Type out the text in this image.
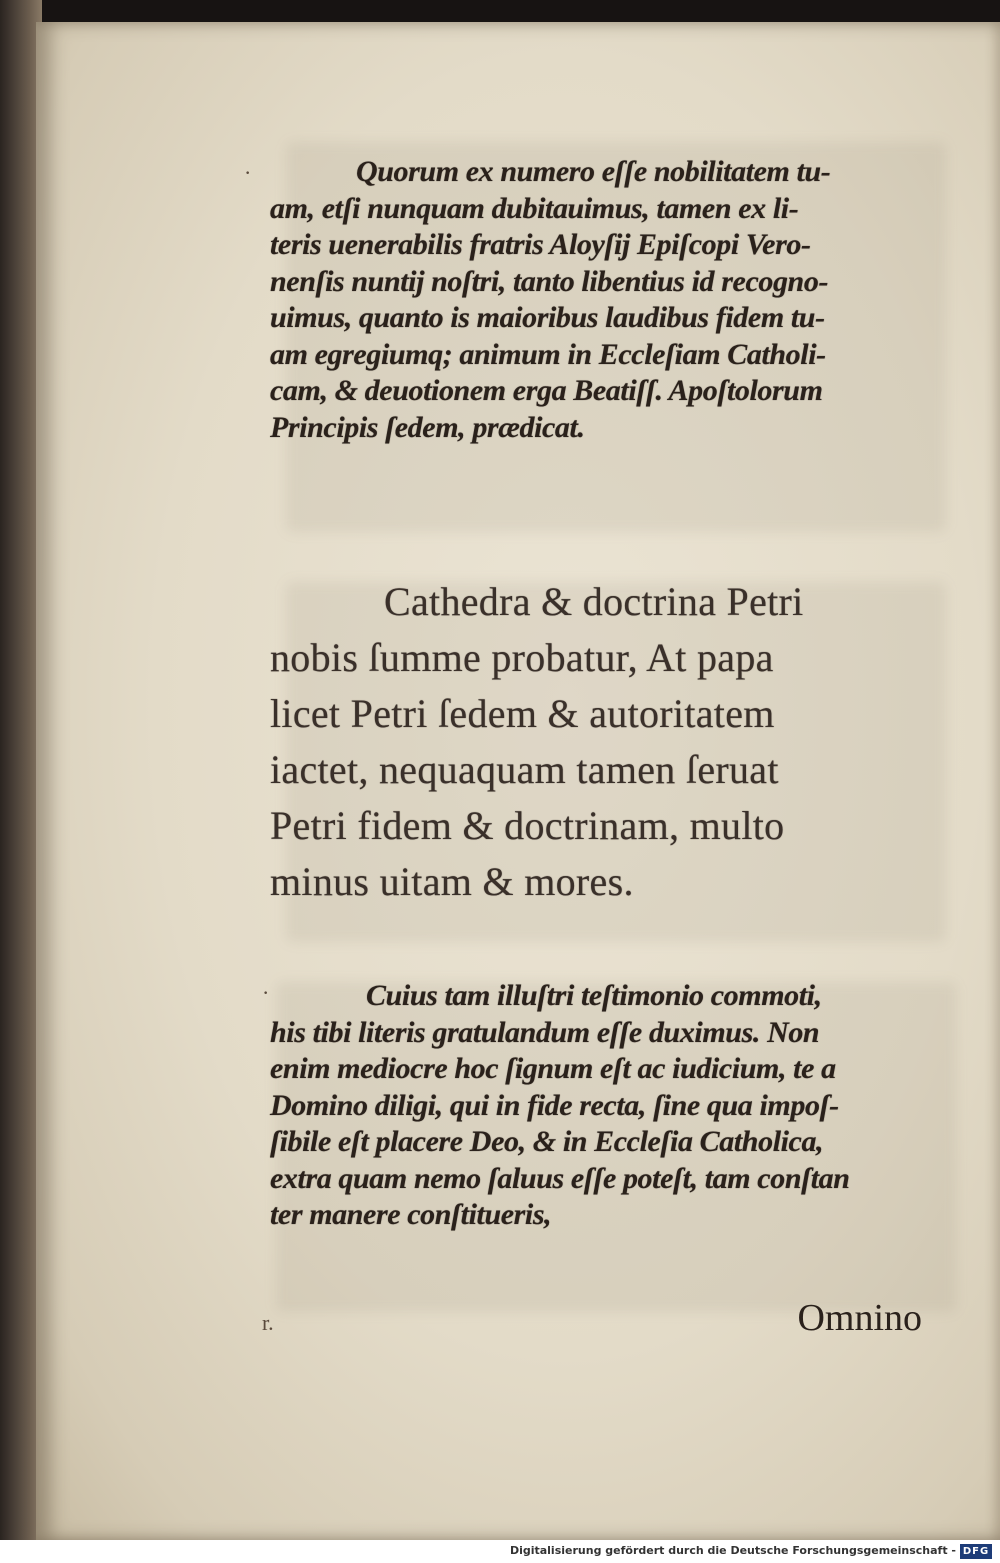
·
·
r.
Quorum ex numero eſſe nobilitatem tu-
am, etſi nunquam dubitauimus, tamen ex li-
teris uenerabilis fratris Aloyſij Epiſcopi Vero-
nenſis nuntij noſtri, tanto libentius id recogno-
uimus, quanto is maioribus laudibus fidem tu-
am egregiumq; animum in Eccleſiam Catholi-
cam, & deuotionem erga Beatiſſ. Apoſtolorum
Principis ſedem, prædicat.
Cathedra & doctrina Petri
nobis ſumme probatur, At papa
licet Petri ſedem & autoritatem
iactet, nequaquam tamen ſeruat
Petri fidem & doctrinam, multo
minus uitam & mores.
Cuius tam illuſtri teſtimonio commoti,
his tibi literis gratulandum eſſe duximus. Non
enim mediocre hoc ſignum eſt ac iudicium, te a
Domino diligi, qui in fide recta, ſine qua impoſ-
ſibile eſt placere Deo, & in Eccleſia Catholica,
extra quam nemo ſaluus eſſe poteſt, tam conſtan
ter manere conſtitueris,
Omnino
Digitalisierung gefördert durch die Deutsche Forschungsgemeinschaft - DFG
